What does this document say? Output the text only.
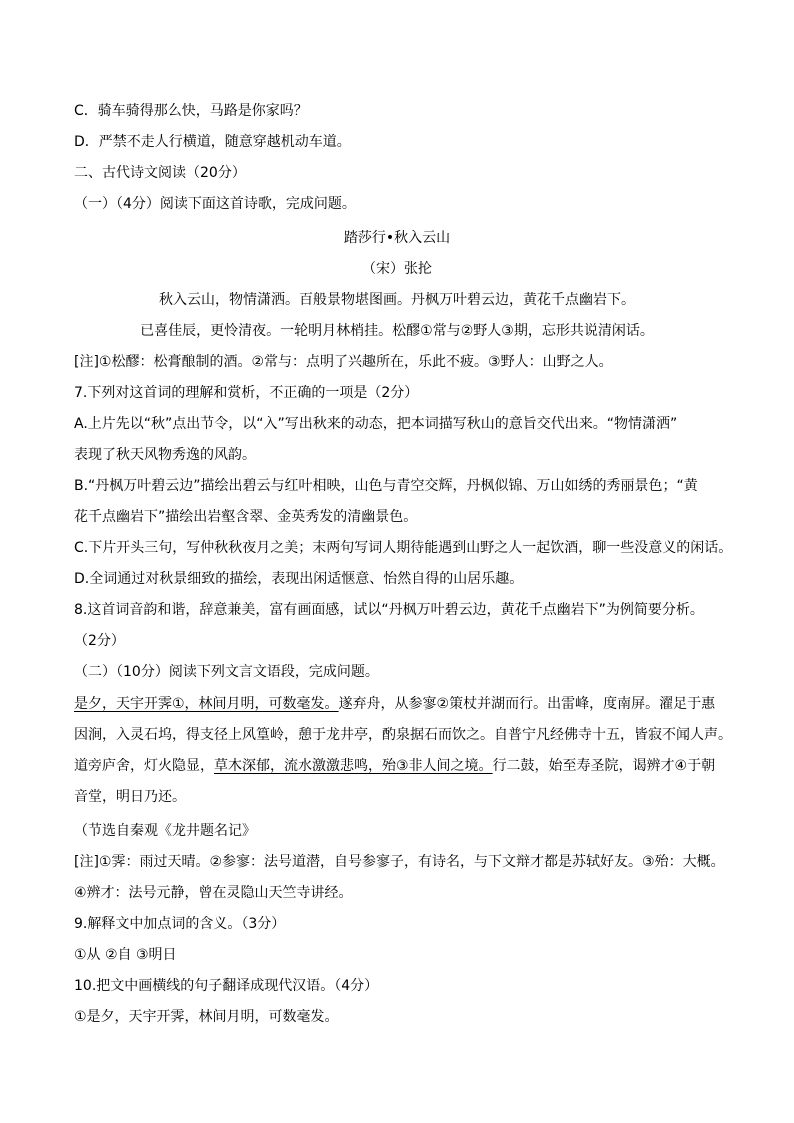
C．骑车骑得那么快，马路是你家吗？
D．严禁不走人行横道，随意穿越机动车道。
二、古代诗文阅读（20分）
（一）（4分）阅读下面这首诗歌，完成问题。
踏莎行•秋入云山
（宋）张抡
秋入云山，物情潇洒。百般景物堪图画。丹枫万叶碧云边，黄花千点幽岩下。
已喜佳辰，更怜清夜。一轮明月林梢挂。松醪①常与②野人③期，忘形共说清闲话。
[注]①松醪：松膏酿制的酒。②常与：点明了兴趣所在，乐此不疲。③野人：山野之人。
7.下列对这首词的理解和赏析，不正确的一项是（2分）
A.上片先以“秋”点出节令，以“入”写出秋来的动态，把本词描写秋山的意旨交代出来。“物情潇洒”
表现了秋天风物秀逸的风韵。
B.“丹枫万叶碧云边”描绘出碧云与红叶相映，山色与青空交辉，丹枫似锦、万山如绣的秀丽景色；“黄
花千点幽岩下”描绘出岩壑含翠、金英秀发的清幽景色。
C.下片开头三句，写仲秋秋夜月之美；末两句写词人期待能遇到山野之人一起饮酒，聊一些没意义的闲话。
D.全词通过对秋景细致的描绘，表现出闲适惬意、怡然自得的山居乐趣。
8.这首词音韵和谐，辞意兼美，富有画面感，试以“丹枫万叶碧云边，黄花千点幽岩下”为例简要分析。
（2分）
（二）（10分）阅读下列文言文语段，完成问题。
是夕，天宇开霁①，林间月明，可数毫发。遂弃舟，从参寥②策杖并湖而行。出雷峰，度南屏。濯足于惠
因涧，入灵石坞，得支径上风篁岭，憩于龙井亭，酌泉据石而饮之。自普宁凡经佛寺十五，皆寂不闻人声。
道旁庐舍，灯火隐显，草木深郁，流水激激悲鸣，殆③非人间之境。行二鼓，始至寿圣院，谒辨才④于朝
音堂，明日乃还。
（节选自秦观《龙井题名记》
[注]①霁：雨过天晴。②参寥：法号道潜，自号参寥子，有诗名，与下文辩才都是苏轼好友。③殆：大概。
④辨才：法号元静，曾在灵隐山天竺寺讲经。
9.解释文中加点词的含义。（3分）
①从 ②自 ③明日
10.把文中画横线的句子翻译成现代汉语。（4分）
①是夕，天宇开霁，林间月明，可数毫发。
